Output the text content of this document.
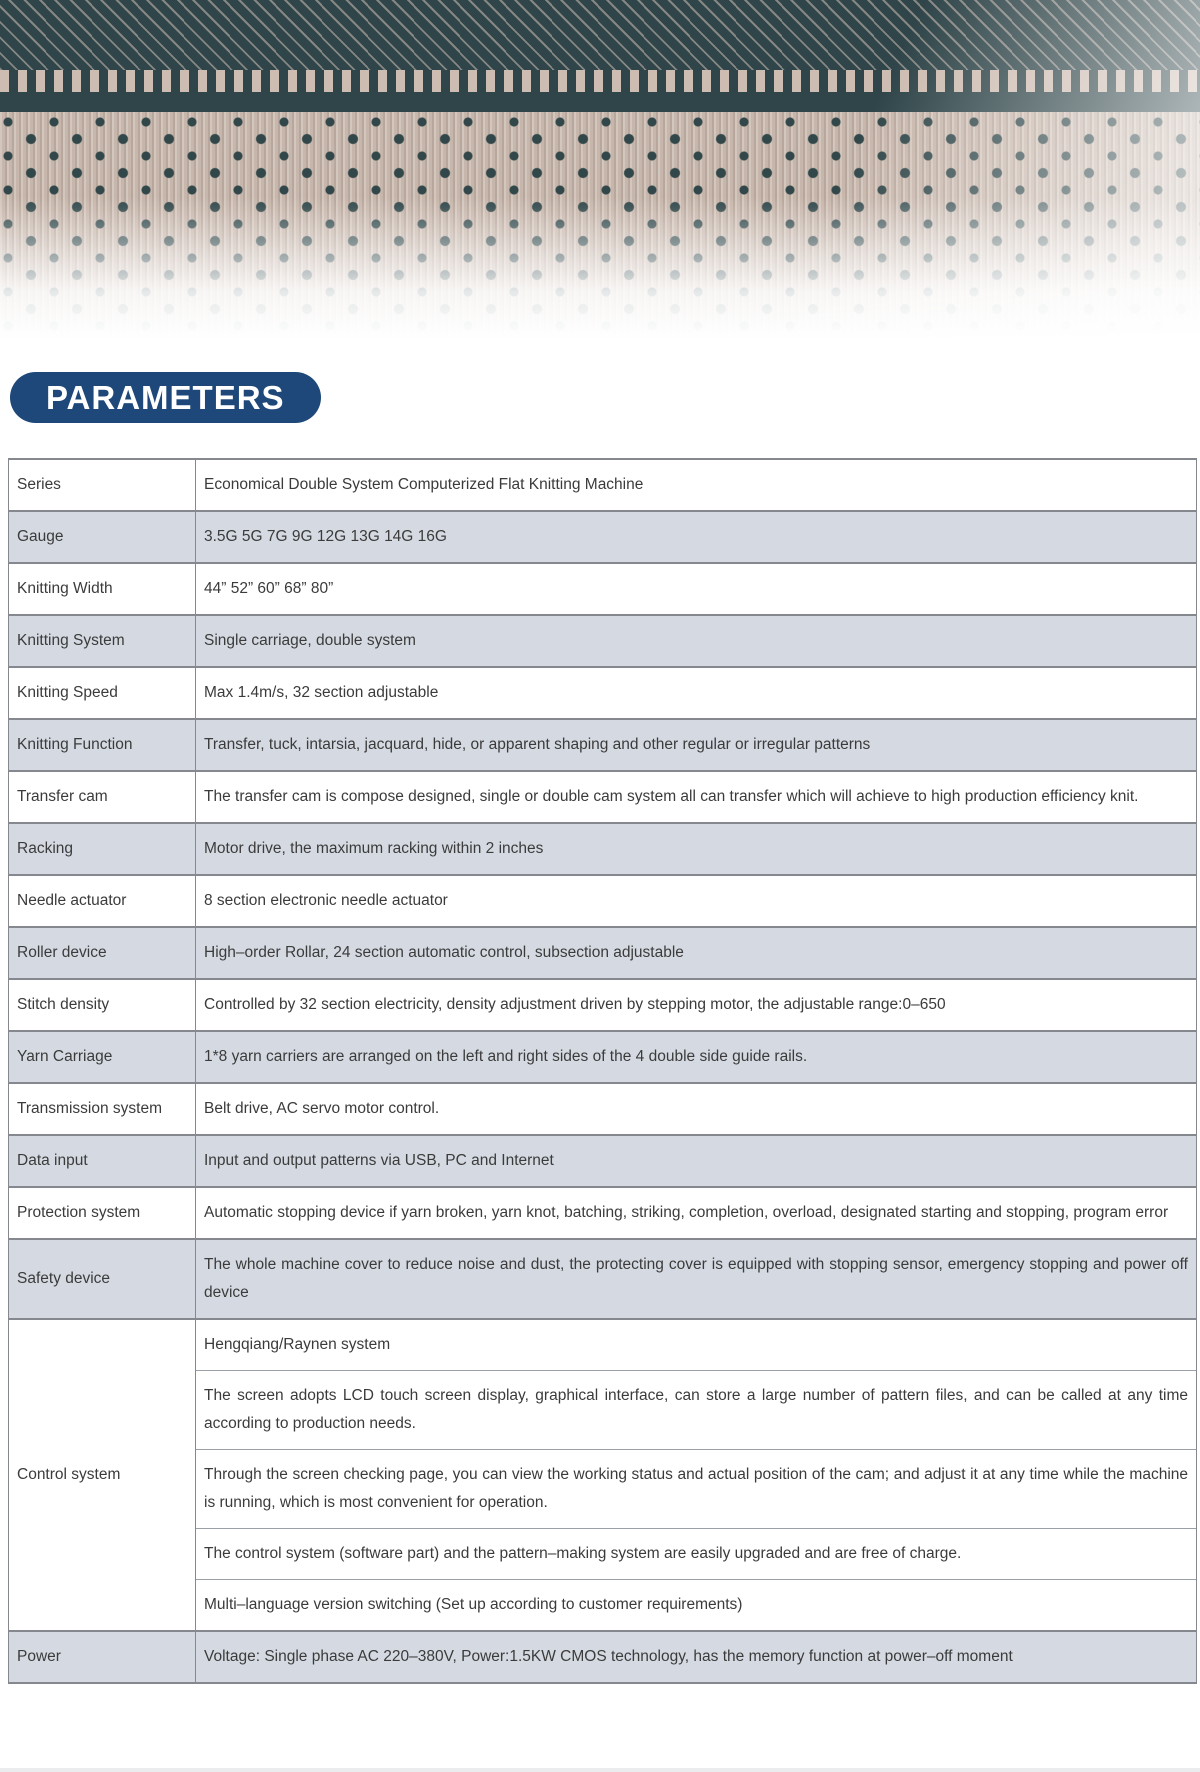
PARAMETERS
Series	Economical Double System Computerized Flat Knitting Machine
Gauge	3.5G 5G 7G 9G 12G 13G 14G 16G
Knitting Width	44” 52” 60” 68” 80”
Knitting System	Single carriage, double system
Knitting Speed	Max 1.4m/s, 32 section adjustable
Knitting Function	Transfer, tuck, intarsia, jacquard, hide, or apparent shaping and other regular or irregular patterns
Transfer cam	The transfer cam is compose designed, single or double cam system all can transfer which will achieve to high production efficiency knit.
Racking	Motor drive, the maximum racking within 2 inches
Needle actuator	8 section electronic needle actuator
Roller device	High–order Rollar, 24 section automatic control, subsection adjustable
Stitch density	Controlled by 32 section electricity, density adjustment driven by stepping motor, the adjustable range:0–650
Yarn Carriage	1*8 yarn carriers are arranged on the left and right sides of the 4 double side guide rails.
Transmission system	Belt drive, AC servo motor control.
Data input	Input and output patterns via USB, PC and Internet
Protection system	Automatic stopping device if yarn broken, yarn knot, batching, striking, completion, overload, designated starting and stopping, program error
Safety device	The whole machine cover to reduce noise and dust, the protecting cover is equipped with stopping sensor, emergency stopping and power off device
Control system	Hengqiang/Raynen system
The screen adopts LCD touch screen display, graphical interface, can store a large number of pattern files, and can be called at any time according to production needs.
Through the screen checking page, you can view the working status and actual position of the cam; and adjust it at any time while the machine is running, which is most convenient for operation.
The control system (software part) and the pattern–making system are easily upgraded and are free of charge.
Multi–language version switching (Set up according to customer requirements)

Power	Voltage: Single phase AC 220–380V, Power:1.5KW CMOS technology, has the memory function at power–off moment
